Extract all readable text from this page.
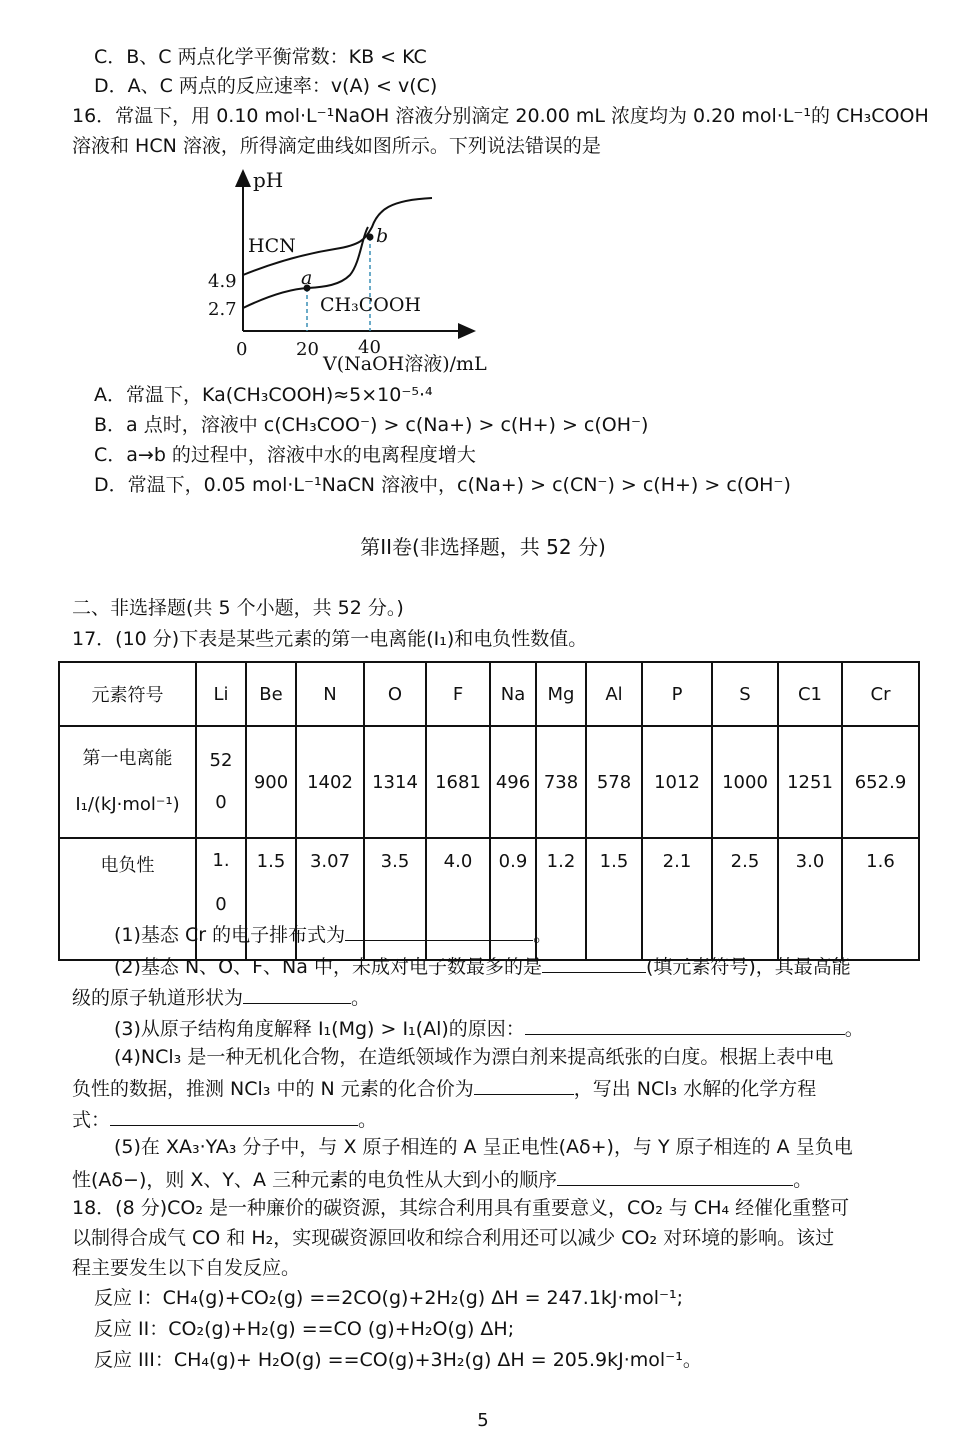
C．B、C 两点化学平衡常数：KB < KC
D．A、C 两点的反应速率：v(A) < v(C)
16．常温下，用 0.10 mol·L⁻¹NaOH 溶液分别滴定 20.00 mL 浓度均为 0.20 mol·L⁻¹的 CH₃COOH
溶液和 HCN 溶液，所得滴定曲线如图所示。下列说法错误的是
pH
a
b
HCN
CH₃COOH
4.9
2.7
0	20 40
V(NaOH溶液)/mL
A．常温下，Ka(CH₃COOH)≈5×10⁻⁵·⁴
B．a 点时，溶液中 c(CH₃COO⁻) > c(Na+) > c(H+) > c(OH⁻)
C．a→b 的过程中，溶液中水的电离程度增大
D．常温下，0.05 mol·L⁻¹NaCN 溶液中，c(Na+) > c(CN⁻) > c(H+) > c(OH⁻)
第II卷(非选择题，共 52 分)
二、非选择题(共 5 个小题，共 52 分。)
17．(10 分)下表是某些元素的第一电离能(I₁)和电负性数值。
元素符号	Li	Be	N	O	F	Na	Mg	Al	P	S	C1	Cr
第一电离能
I₁/(kJ·mol⁻¹)	52
0	900	1402	1314	1681	496	738	578	1012	1000	1251	652.9
电负性	1.
0	1.5	3.07	3.5	4.0	0.9	1.2	1.5	2.1	2.5	3.0	1.6
(1)基态 Cr 的电子排布式为	。
(2)基态 N、O、F、Na 中，未成对电子数最多的是	(填元素符号)，其最高能
级的原子轨道形状为	。
(3)从原子结构角度解释 I₁(Mg) > I₁(Al)的原因：	。
(4)NCl₃ 是一种无机化合物，在造纸领域作为漂白剂来提高纸张的白度。根据上表中电
负性的数据，推测 NCl₃ 中的 N 元素的化合价为	，写出 NCl₃ 水解的化学方程
式：	。
(5)在 XA₃·YA₃ 分子中，与 X 原子相连的 A 呈正电性(Aδ+)，与 Y 原子相连的 A 呈负电
性(Aδ−)，则 X、Y、A 三种元素的电负性从大到小的顺序	。
18．(8 分)CO₂ 是一种廉价的碳资源，其综合利用具有重要意义，CO₂ 与 CH₄ 经催化重整可
以制得合成气 CO 和 H₂，实现碳资源回收和综合利用还可以减少 CO₂ 对环境的影响。该过
程主要发生以下自发反应。
反应 I：CH₄(g)+CO₂(g) ==2CO(g)+2H₂(g) ΔH = 247.1kJ·mol⁻¹;
反应 II：CO₂(g)+H₂(g) ==CO (g)+H₂O(g) ΔH;
反应 III：CH₄(g)+ H₂O(g) ==CO(g)+3H₂(g) ΔH = 205.9kJ·mol⁻¹。
5
